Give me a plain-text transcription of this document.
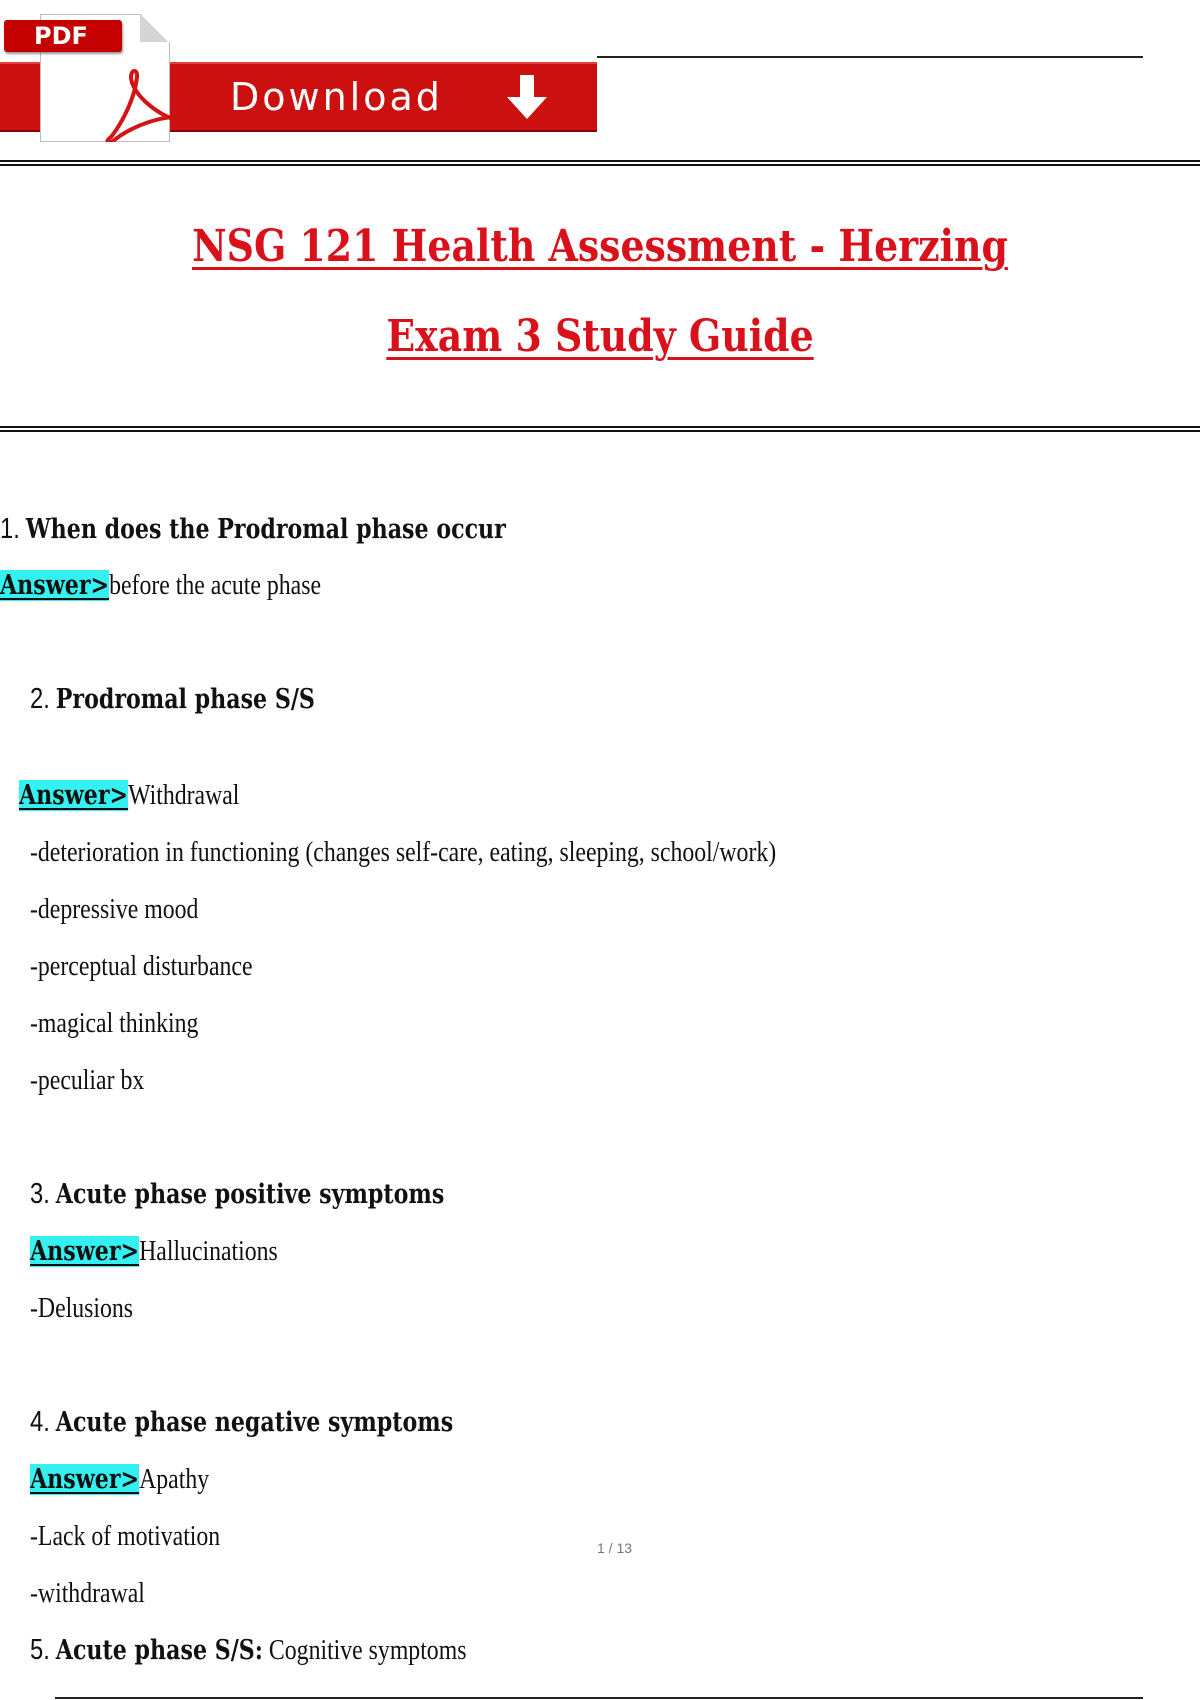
Download
PDF
NSG 121 Health Assessment - Herzing
Exam 3 Study Guide
1. When does the Prodromal phase occur
Answer>before the acute phase
2. Prodromal phase S/S
Answer>Withdrawal
-deterioration in functioning (changes self-care, eating, sleeping, school/work)
-depressive mood
-perceptual disturbance
-magical thinking
-peculiar bx
3. Acute phase positive symptoms
Answer>Hallucinations
-Delusions
4. Acute phase negative symptoms
Answer>Apathy
-Lack of motivation
-withdrawal
5. Acute phase S/S: Cognitive symptoms
1 / 13
